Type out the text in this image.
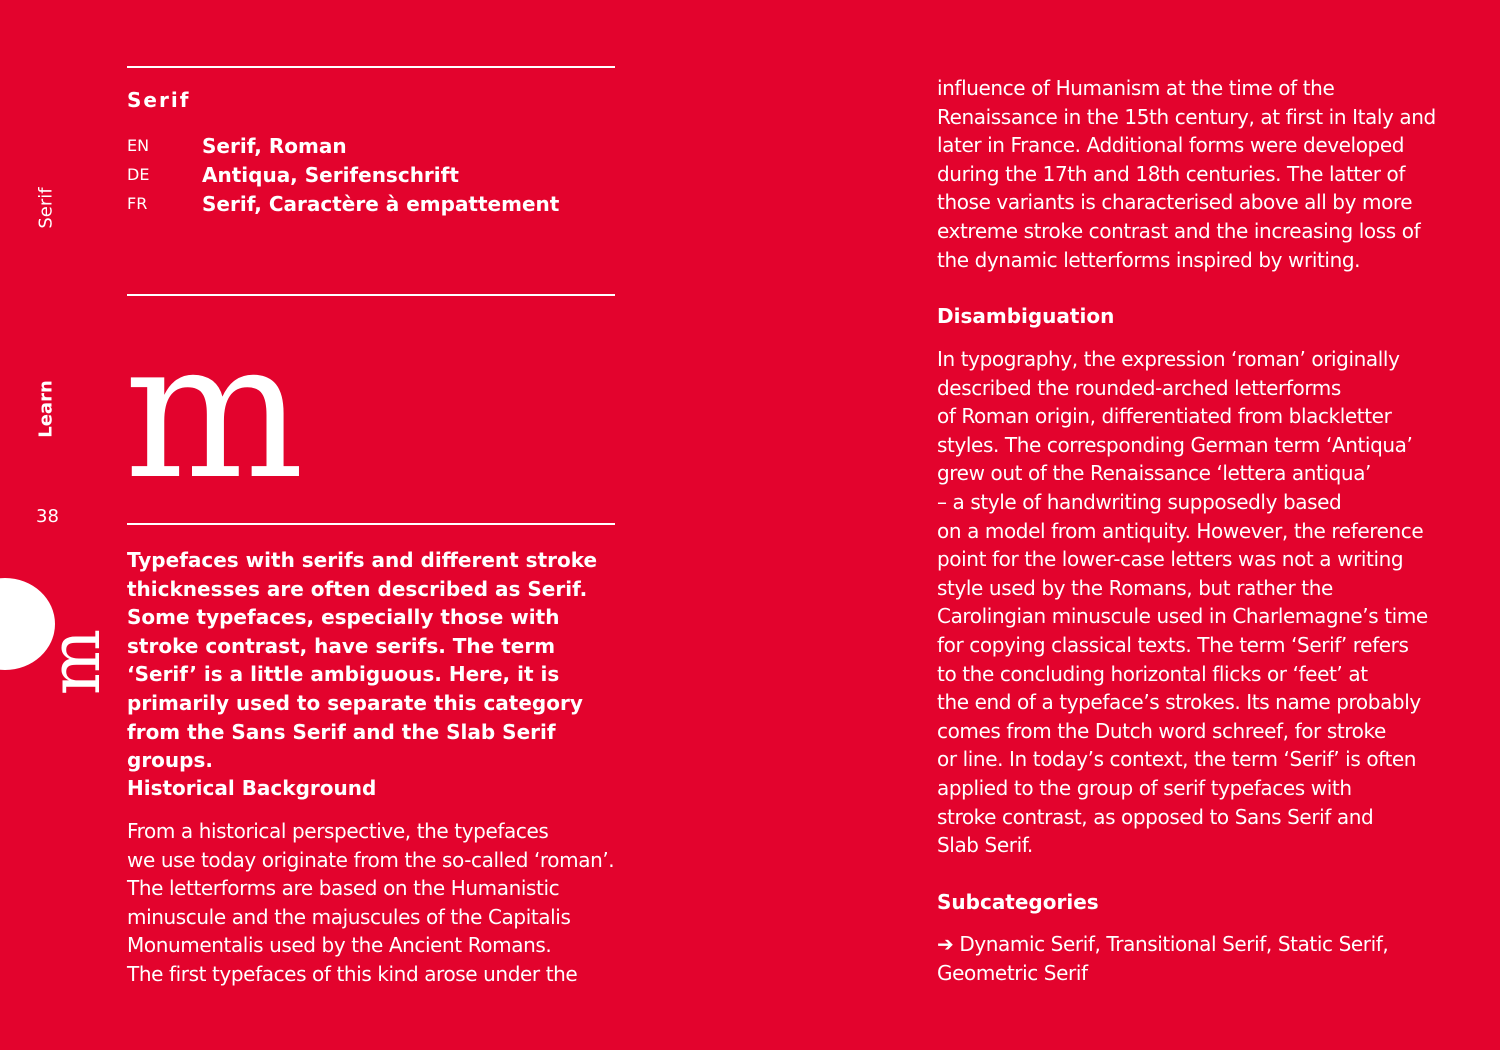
Serif
Learn
38
m
Serif
EN	Serif, Roman
DE	Antiqua, Serifenschrift
FR	Serif, Caractère à empattement
m

Typefaces with serifs and different stroke thicknesses are often described as Serif. Some typefaces, especially those with stroke contrast, have serifs. The term ‘Serif’ is a little ambiguous. Here, it is primarily used to separate this category from the Sans Serif and the Slab Serif groups.

Historical Background

From a historical perspective, the typefaces
we use today originate from the so-called ‘roman’.
The letterforms are based on the Humanistic
minuscule and the majuscules of the Capitalis
Monumentalis used by the Ancient Romans.
The first typefaces of this kind arose under the

influence of Humanism at the time of the
Renaissance in the 15th century, at first in Italy and
later in France. Additional forms were developed
during the 17th and 18th centuries. The latter of
those variants is characterised above all by more
extreme stroke contrast and the increasing loss of
the dynamic letterforms inspired by writing.

Disambiguation

In typography, the expression ‘roman’ originally
described the rounded-arched letterforms
of Roman origin, differentiated from blackletter
styles. The corresponding German term ‘Antiqua’
grew out of the Renaissance ‘lettera antiqua’
– a style of handwriting supposedly based
on a model from antiquity. However, the reference
point for the lower-case letters was not a writing
style used by the Romans, but rather the
Carolingian minuscule used in Charlemagne’s time
for copying classical texts. The term ‘Serif’ refers
to the concluding horizontal flicks or ‘feet’ at
the end of a typeface’s strokes. Its name probably
comes from the Dutch word schreef, for stroke
or line. In today’s context, the term ‘Serif’ is often
applied to the group of serif typefaces with
stroke contrast, as opposed to Sans Serif and
Slab Serif.

Subcategories

➔ Dynamic Serif, Transitional Serif, Static Serif,
Geometric Serif
